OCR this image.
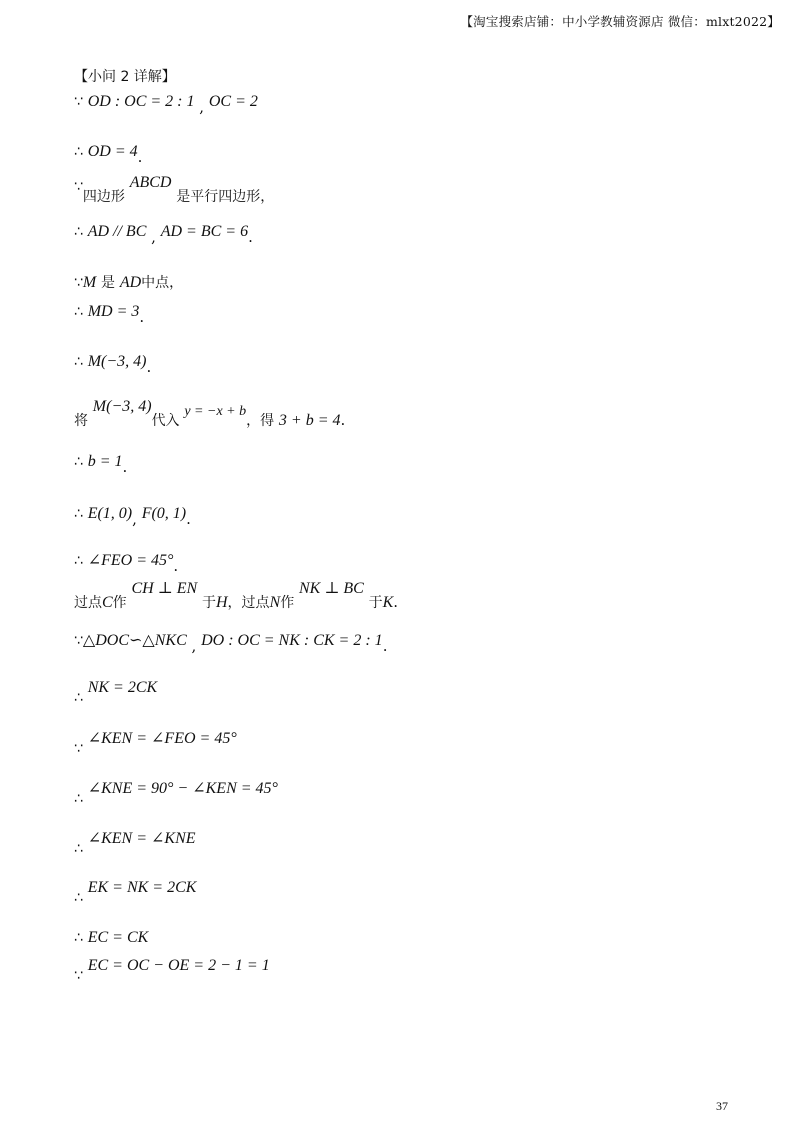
【淘宝搜索店铺：中小学教辅资源店 微信：mlxt2022】
【小问 2 详解】
∵ OD : OC = 2 : 1 , OC = 2
∴ OD = 4.
∵四边形 ABCD 是平行四边形，
∴ AD // BC , AD = BC = 6.
∵M 是 AD中点，
∴ MD = 3.
∴ M(−3, 4).
将 M(−3, 4)代入 y = −x + b，得 3 + b = 4.
∴ b = 1.
∴ E(1, 0), F(0, 1).
∴ ∠FEO = 45°.
过点C作 CH ⊥ EN 于H，过点N作 NK ⊥ BC 于K.
∵△DOC∽△NKC , DO : OC = NK : CK = 2 : 1.
∴ NK = 2CK
∵ ∠KEN = ∠FEO = 45°
∴ ∠KNE = 90° − ∠KEN = 45°
∴ ∠KEN = ∠KNE
∴ EK = NK = 2CK
∴ EC = CK
∵ EC = OC − OE = 2 − 1 = 1
37
